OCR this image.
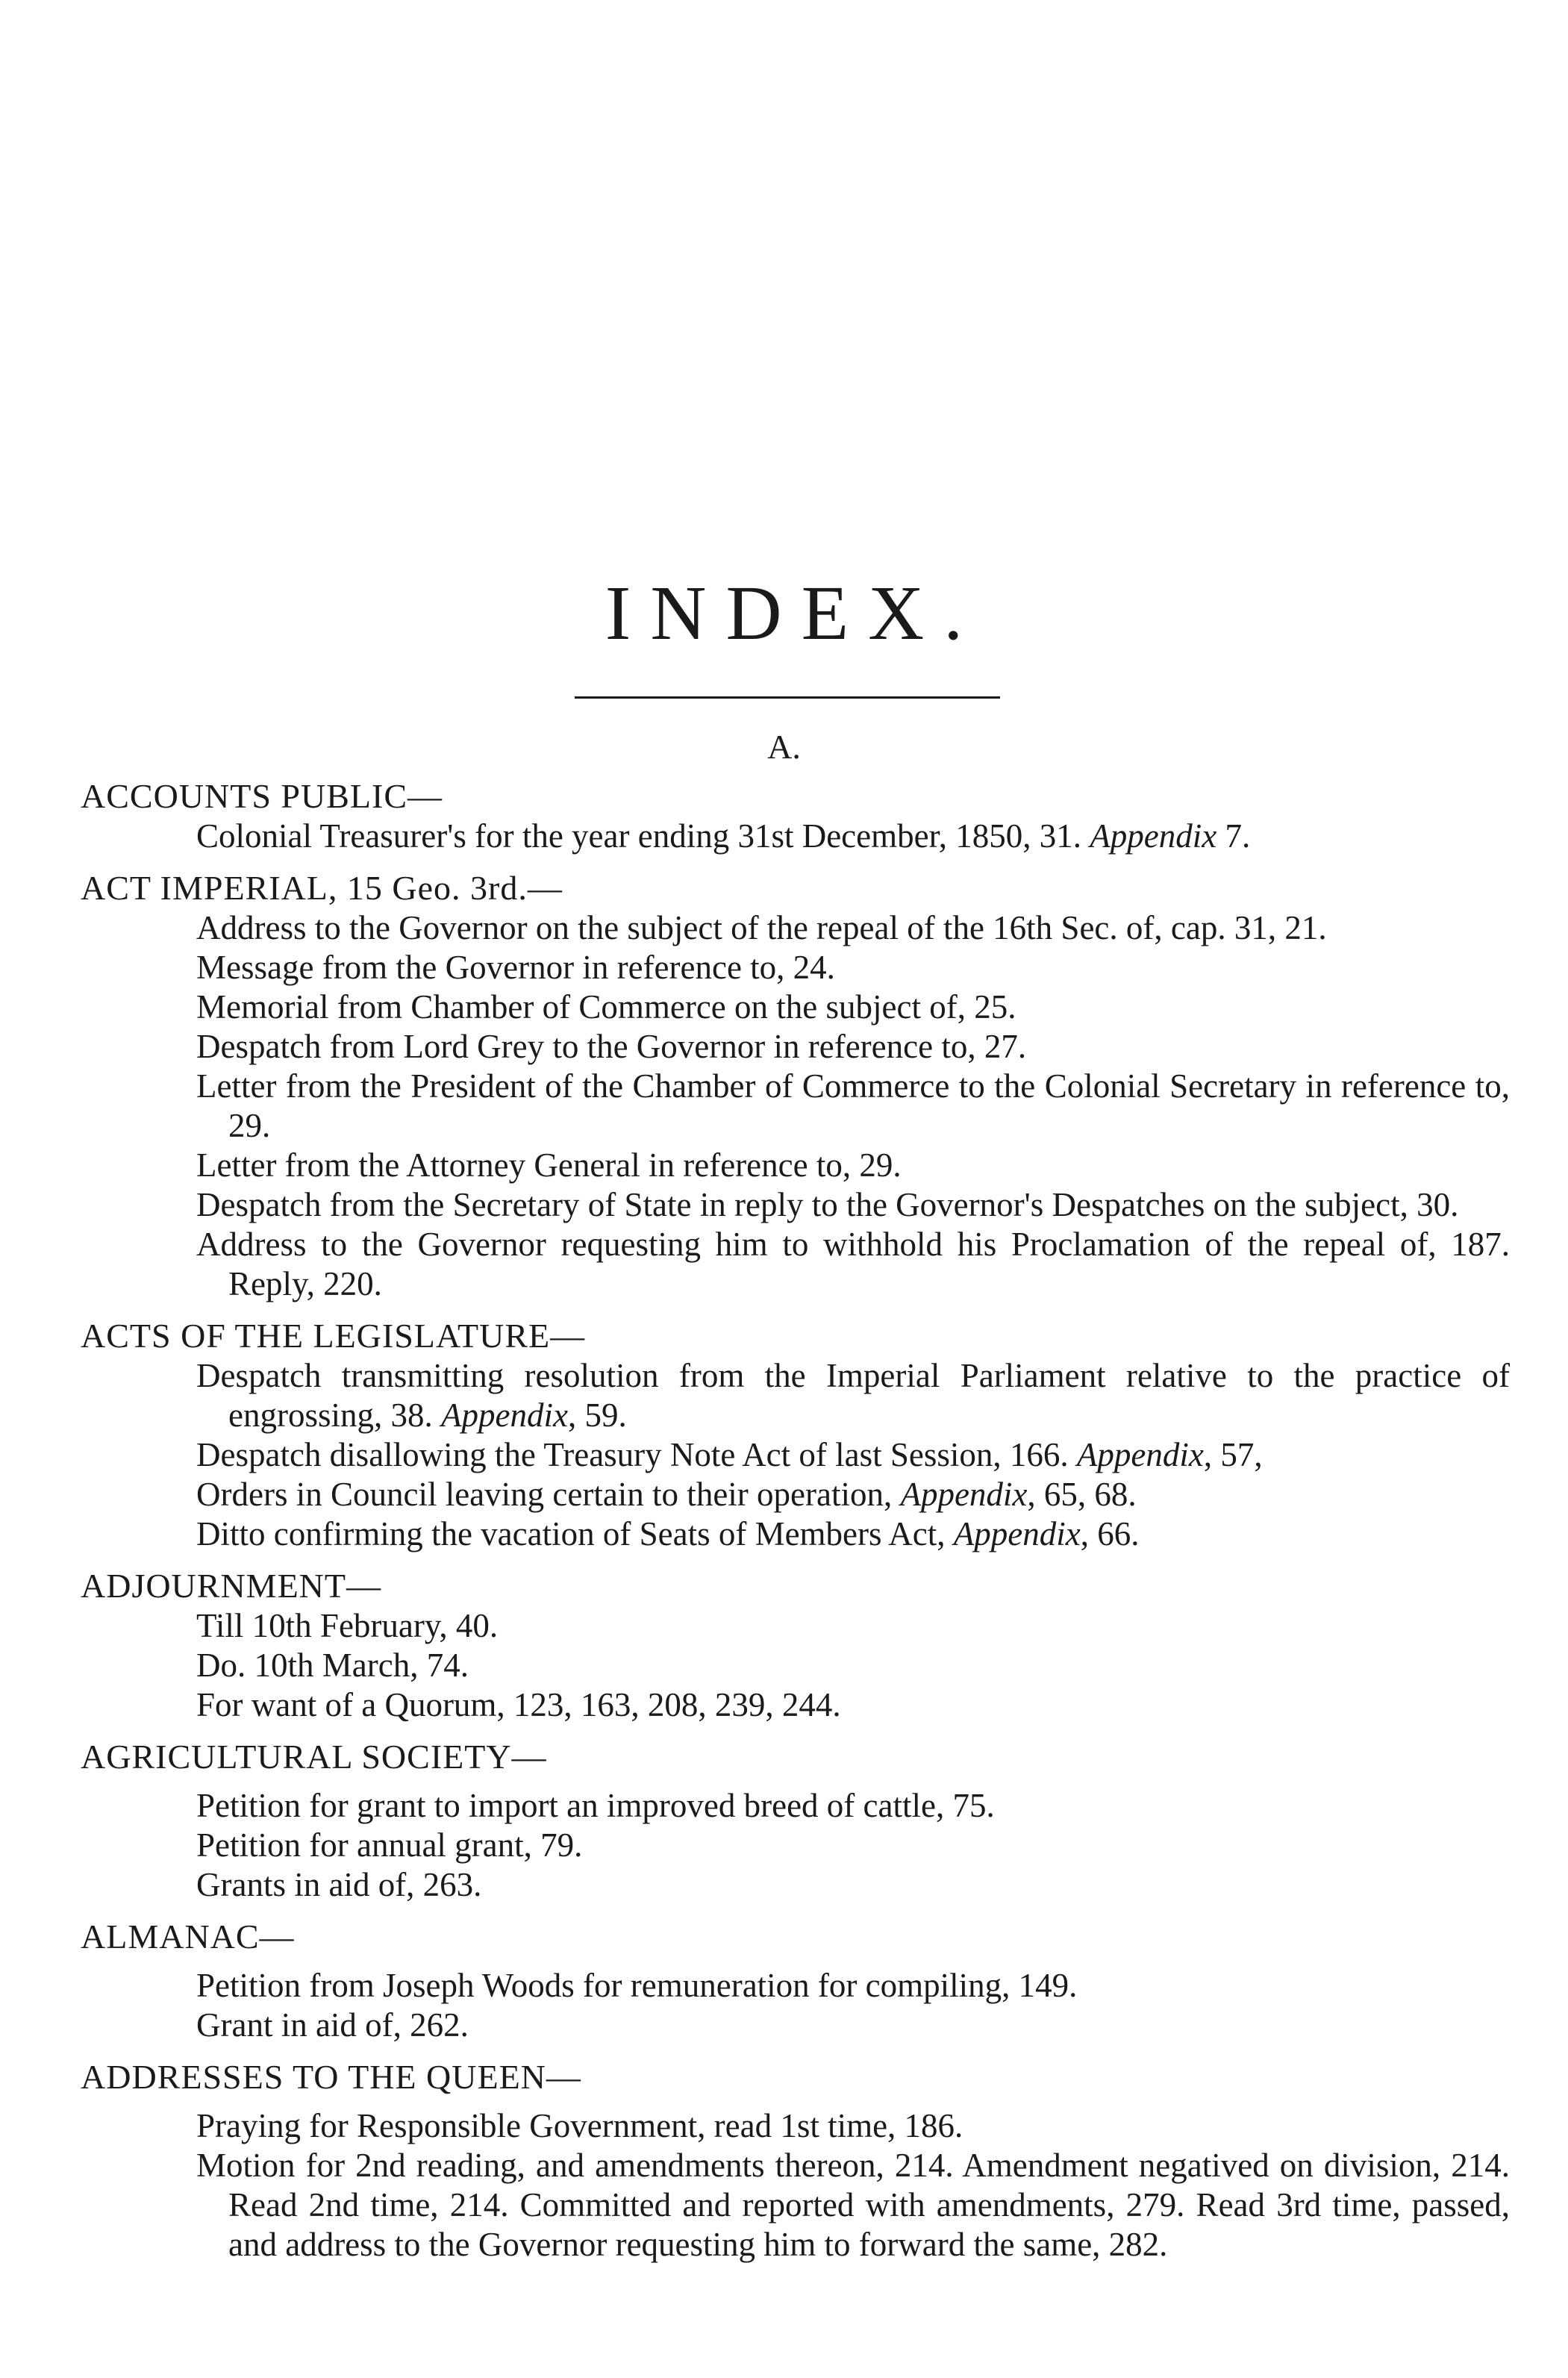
INDEX.
A.
ACCOUNTS PUBLIC—
Colonial Treasurer's for the year ending 31st December, 1850, 31. Appendix 7.
ACT IMPERIAL, 15 Geo. 3rd.—
Address to the Governor on the subject of the repeal of the 16th Sec. of, cap. 31, 21.
Message from the Governor in reference to, 24.
Memorial from Chamber of Commerce on the subject of, 25.
Despatch from Lord Grey to the Governor in reference to, 27.
Letter from the President of the Chamber of Commerce to the Colonial Secretary in reference to, 29.
Letter from the Attorney General in reference to, 29.
Despatch from the Secretary of State in reply to the Governor's Despatches on the subject, 30.
Address to the Governor requesting him to withhold his Proclamation of the repeal of, 187. Reply, 220.
ACTS OF THE LEGISLATURE—
Despatch transmitting resolution from the Imperial Parliament relative to the practice of engrossing, 38. Appendix, 59.
Despatch disallowing the Treasury Note Act of last Session, 166. Appendix, 57,
Orders in Council leaving certain to their operation, Appendix, 65, 68.
Ditto confirming the vacation of Seats of Members Act, Appendix, 66.
ADJOURNMENT—
Till 10th February, 40.
Do. 10th March, 74.
For want of a Quorum, 123, 163, 208, 239, 244.
AGRICULTURAL SOCIETY—
Petition for grant to import an improved breed of cattle, 75.
Petition for annual grant, 79.
Grants in aid of, 263.
ALMANAC—
Petition from Joseph Woods for remuneration for compiling, 149.
Grant in aid of, 262.
ADDRESSES TO THE QUEEN—
Praying for Responsible Government, read 1st time, 186.
Motion for 2nd reading, and amendments thereon, 214. Amendment negatived on division, 214. Read 2nd time, 214. Committed and reported with amendments, 279. Read 3rd time, passed, and address to the Governor requesting him to forward the same, 282.
